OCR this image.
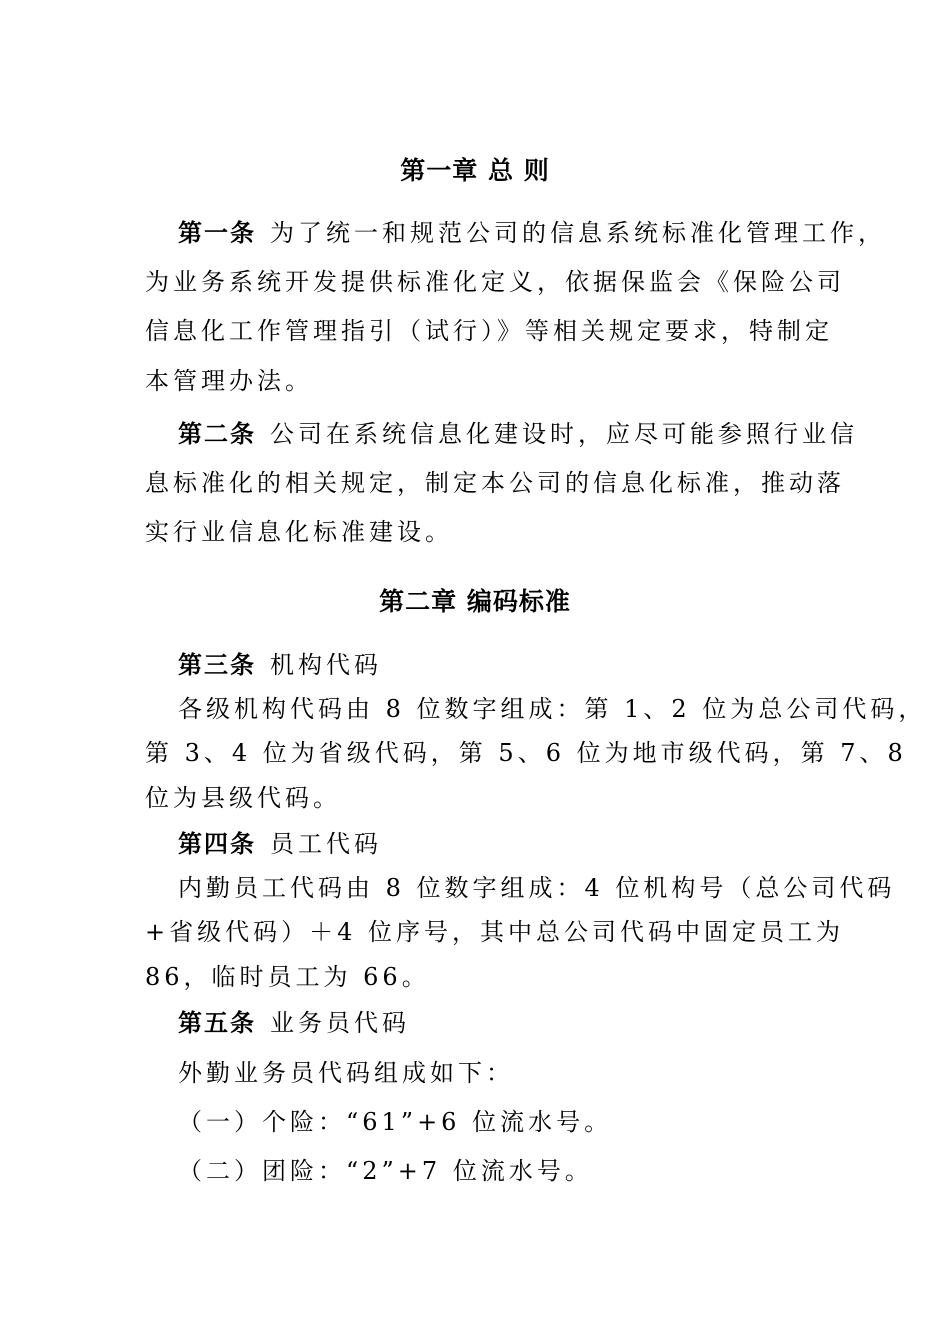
第一章 总 则
第一条 为了统一和规范公司的信息系统标准化管理工作，
为业务系统开发提供标准化定义，依据保监会《保险公司
信息化工作管理指引（试行）》等相关规定要求，特制定
本管理办法。
第二条 公司在系统信息化建设时，应尽可能参照行业信
息标准化的相关规定，制定本公司的信息化标准，推动落
实行业信息化标准建设。
第二章 编码标准
第三条 机构代码
各级机构代码由 8 位数字组成：第 1、2 位为总公司代码，
第 3、4 位为省级代码，第 5、6 位为地市级代码，第 7、8
位为县级代码。
第四条 员工代码
内勤员工代码由 8 位数字组成：4 位机构号（总公司代码
+省级代码）＋4 位序号，其中总公司代码中固定员工为
86，临时员工为 66。
第五条 业务员代码
外勤业务员代码组成如下：
（一）个险：“61”+6 位流水号。
（二）团险：“2”+7 位流水号。
